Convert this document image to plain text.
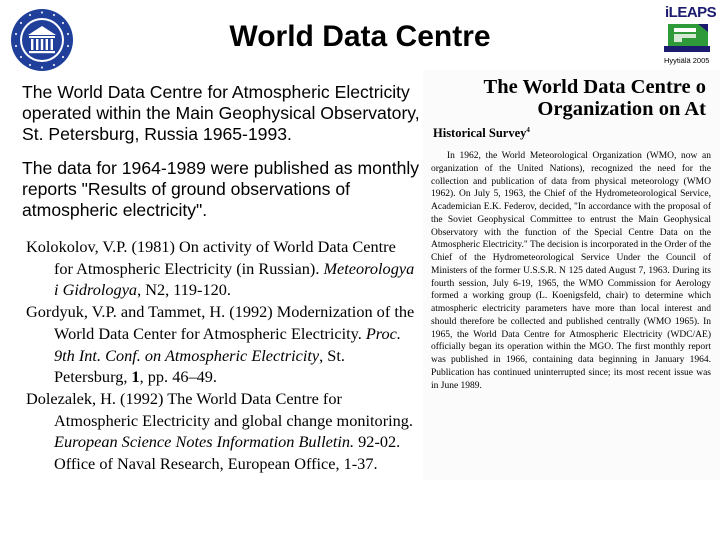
World Data Centre
iLEAPS
Hyytiälä 2005

The World Data Centre for Atmospheric Electricity operated within the Main Geophysical Observatory, St. Petersburg, Russia 1965-1993.

The data for 1964-1989 were published as monthly reports "Results of ground observations of atmospheric electricity".

Kolokolov, V.P. (1981) On activity of World Data Centre for Atmospheric Electricity (in Russian). Meteorologya i Gidrologya, N2, 119-120.

Gordyuk, V.P. and Tammet, H. (1992) Modernization of the World Data Center for Atmospheric Electricity. Proc. 9th Int. Conf. on Atmospheric Electricity, St. Petersburg, 1, pp. 46–49.

Dolezalek, H. (1992) The World Data Centre for Atmospheric Electricity and global change monitoring. European Science Notes Information Bulletin. 92-02. Office of Naval Research, European Office, 1-37.

The World Data Centre o
Organization on At
Historical Survey$^4$
In 1962, the World Meteorological Organization (WMO, now an organization of the United Nations), recognized the need for the collection and publication of data from physical meteorology (WMO 1962). On July 5, 1963, the Chief of the Hydrometeorological Service, Academician E.K. Federov, decided, "In accordance with the proposal of the Soviet Geophysical Committee to entrust the Main Geophysical Observatory with the function of the Special Centre Data on the Atmospheric Electricity." The decision is incorporated in the Order of the Chief of the Hydrometeorological Service Under the Council of Ministers of the former U.S.S.R. N 125 dated August 7, 1963. During its fourth session, July 6-19, 1965, the WMO Commission for Aerology formed a working group (L. Koenigsfeld, chair) to determine which atmospheric electricity parameters have more than local interest and should therefore be collected and published centrally (WMO 1965). In 1965, the World Data Centre for Atmospheric Electricity (WDC/AE) officially began its operation within the MGO. The first monthly report was published in 1966, containing data beginning in January 1964. Publication has continued uninterrupted since; its most recent issue was in June 1989.
